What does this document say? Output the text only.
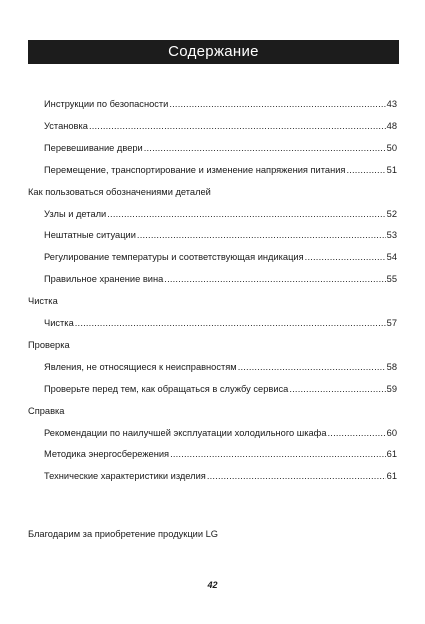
Содержание
Инструкции по безопасности .....	43
Установка .....	48
Перевешивание двери .....	50
Перемещение, транспортирование и изменение напряжения питания .....	51
Как пользоваться обозначениями деталей
Узлы и детали .....	52
Нештатные ситуации .....	53
Регулирование температуры и соответствующая индикация .....	54
Правильное хранение вина .....	55
Чистка
Чистка .....	57
Проверка
Явления, не относящиеся к неисправностям .....	58
Проверьте перед тем, как обращаться в службу сервиса .....	59
Справка
Рекомендации по наилучшей эксплуатации холодильного шкафа .....	60
Методика энергосбережения .....	61
Технические характеристики изделия .....	61
Благодарим за приобретение продукции LG
42
